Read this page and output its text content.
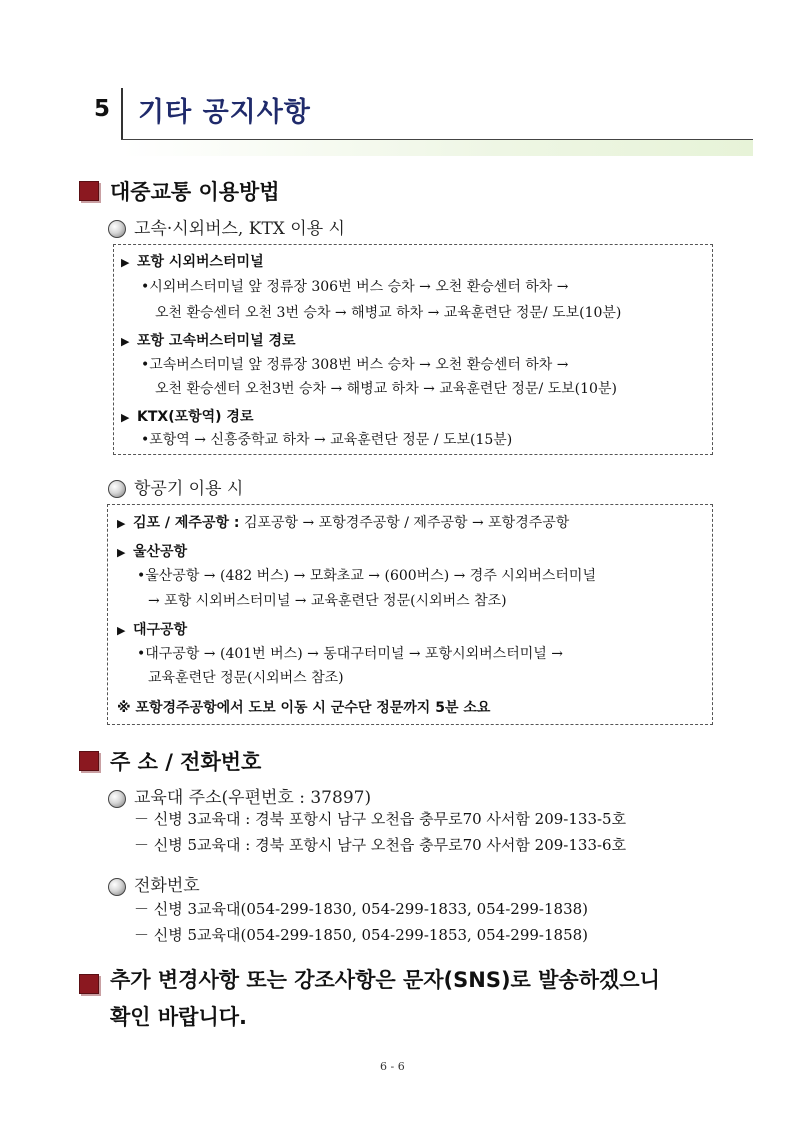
5	기타 공지사항
대중교통 이용방법
고속·시외버스, KTX 이용 시
▶ 포항 시외버스터미널
•시외버스터미널 앞 정류장 306번 버스 승차 → 오천 환승센터 하차 →
오천 환승센터 오천 3번 승차 → 해병교 하차 → 교육훈련단 정문/ 도보(10분)
▶ 포항 고속버스터미널 경로
•고속버스터미널 앞 정류장 308번 버스 승차 → 오천 환승센터 하차 →
오천 환승센터 오천3번 승차 → 해병교 하차 → 교육훈련단 정문/ 도보(10분)
▶ KTX(포항역) 경로
•포항역 → 신흥중학교 하차 → 교육훈련단 정문 / 도보(15분)
항공기 이용 시
▶ 김포 / 제주공항 : 김포공항 → 포항경주공항 / 제주공항 → 포항경주공항
▶ 울산공항
•울산공항 → (482 버스) → 모화초교 → (600버스) → 경주 시외버스터미널
→ 포항 시외버스터미널 → 교육훈련단 정문(시외버스 참조)
▶ 대구공항
•대구공항 → (401번 버스) → 동대구터미널 → 포항시외버스터미널 →
교육훈련단 정문(시외버스 참조)
※ 포항경주공항에서 도보 이동 시 군수단 정문까지 5분 소요
주 소 / 전화번호
교육대 주소(우편번호 : 37897)
－ 신병 3교육대 : 경북 포항시 남구 오천읍 충무로70 사서함 209-133-5호
－ 신병 5교육대 : 경북 포항시 남구 오천읍 충무로70 사서함 209-133-6호
전화번호
－ 신병 3교육대(054-299-1830, 054-299-1833, 054-299-1838)
－ 신병 5교육대(054-299-1850, 054-299-1853, 054-299-1858)
추가 변경사항 또는 강조사항은 문자(SNS)로 발송하겠으니
확인 바랍니다.
6 - 6
